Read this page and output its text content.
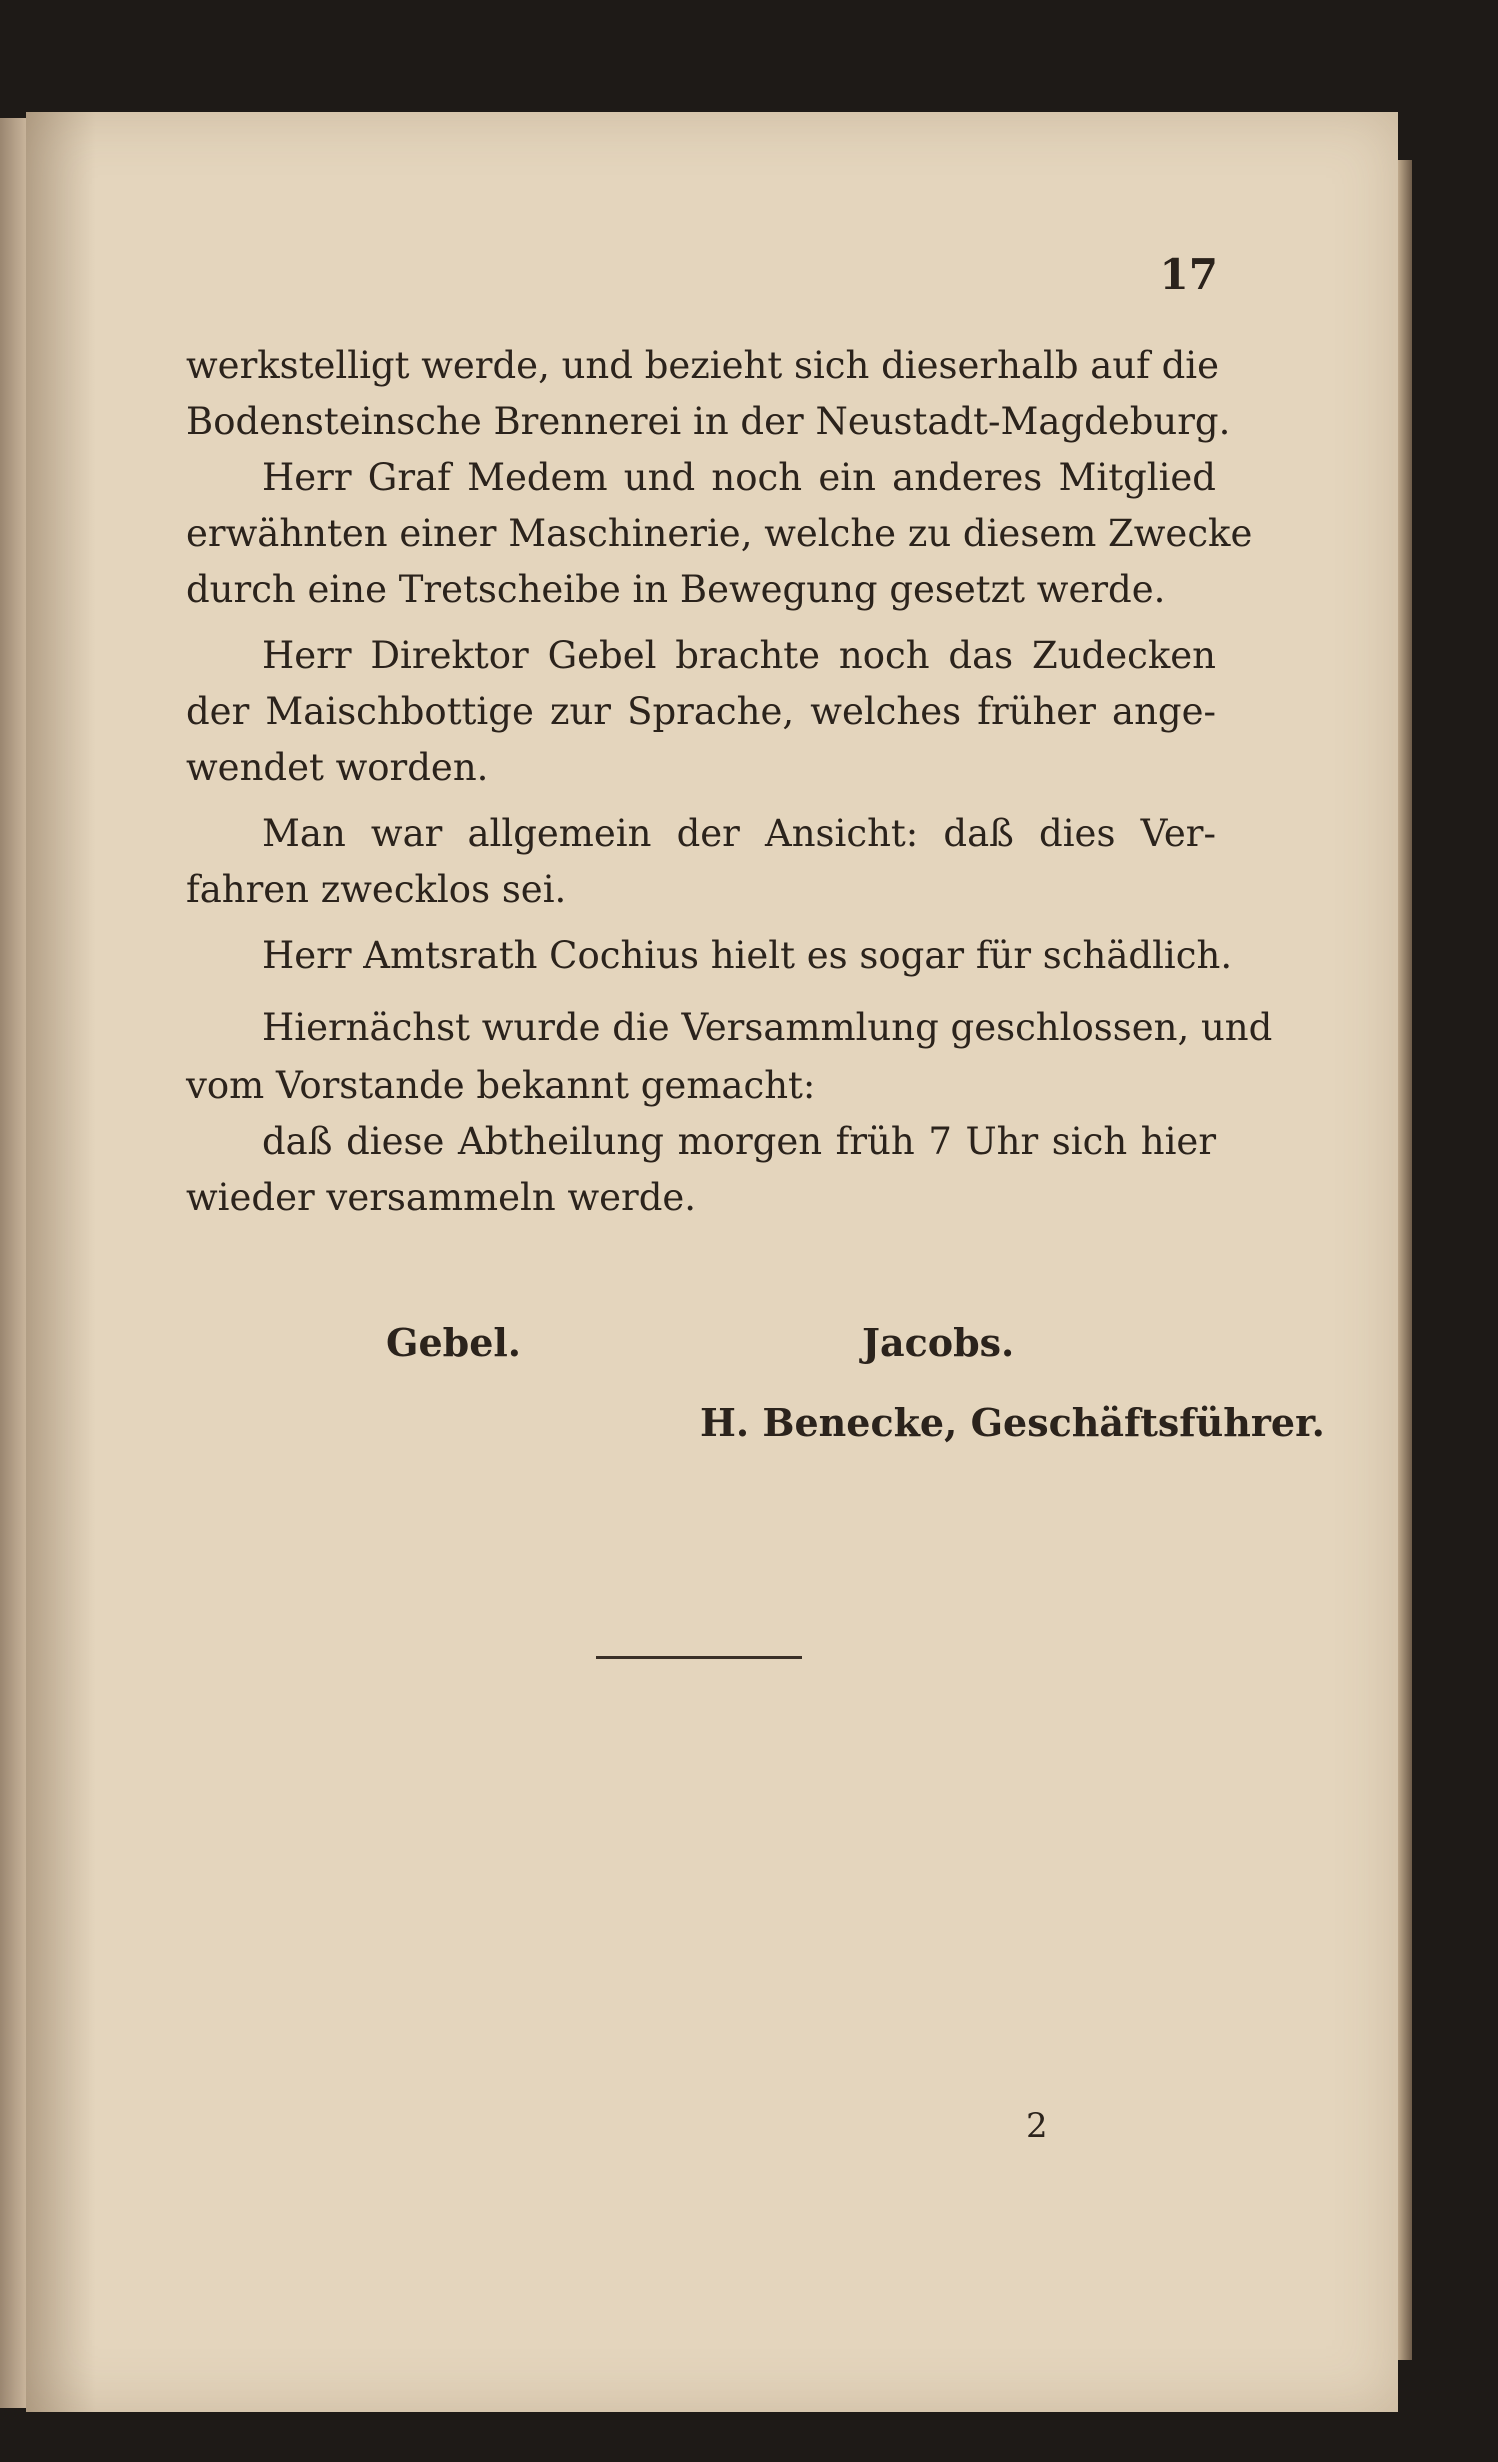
17
werkstelligt werde, und bezieht sich dieserhalb auf die
Bodensteinsche Brennerei in der Neustadt-Magdeburg.
Herr Graf Medem und noch ein anderes Mitglied
erwähnten einer Maschinerie, welche zu diesem Zwecke
durch eine Tretscheibe in Bewegung gesetzt werde.
Herr Direktor Gebel brachte noch das Zudecken
der Maischbottige zur Sprache, welches früher ange-
wendet worden.
Man war allgemein der Ansicht: daß dies Ver-
fahren zwecklos sei.
Herr Amtsrath Cochius hielt es sogar für schädlich.
Hiernächst wurde die Versammlung geschlossen, und
vom Vorstande bekannt gemacht:
daß diese Abtheilung morgen früh 7 Uhr sich hier
wieder versammeln werde.
Gebel.	Jacobs.
H. Benecke, Geschäftsführer.
2
